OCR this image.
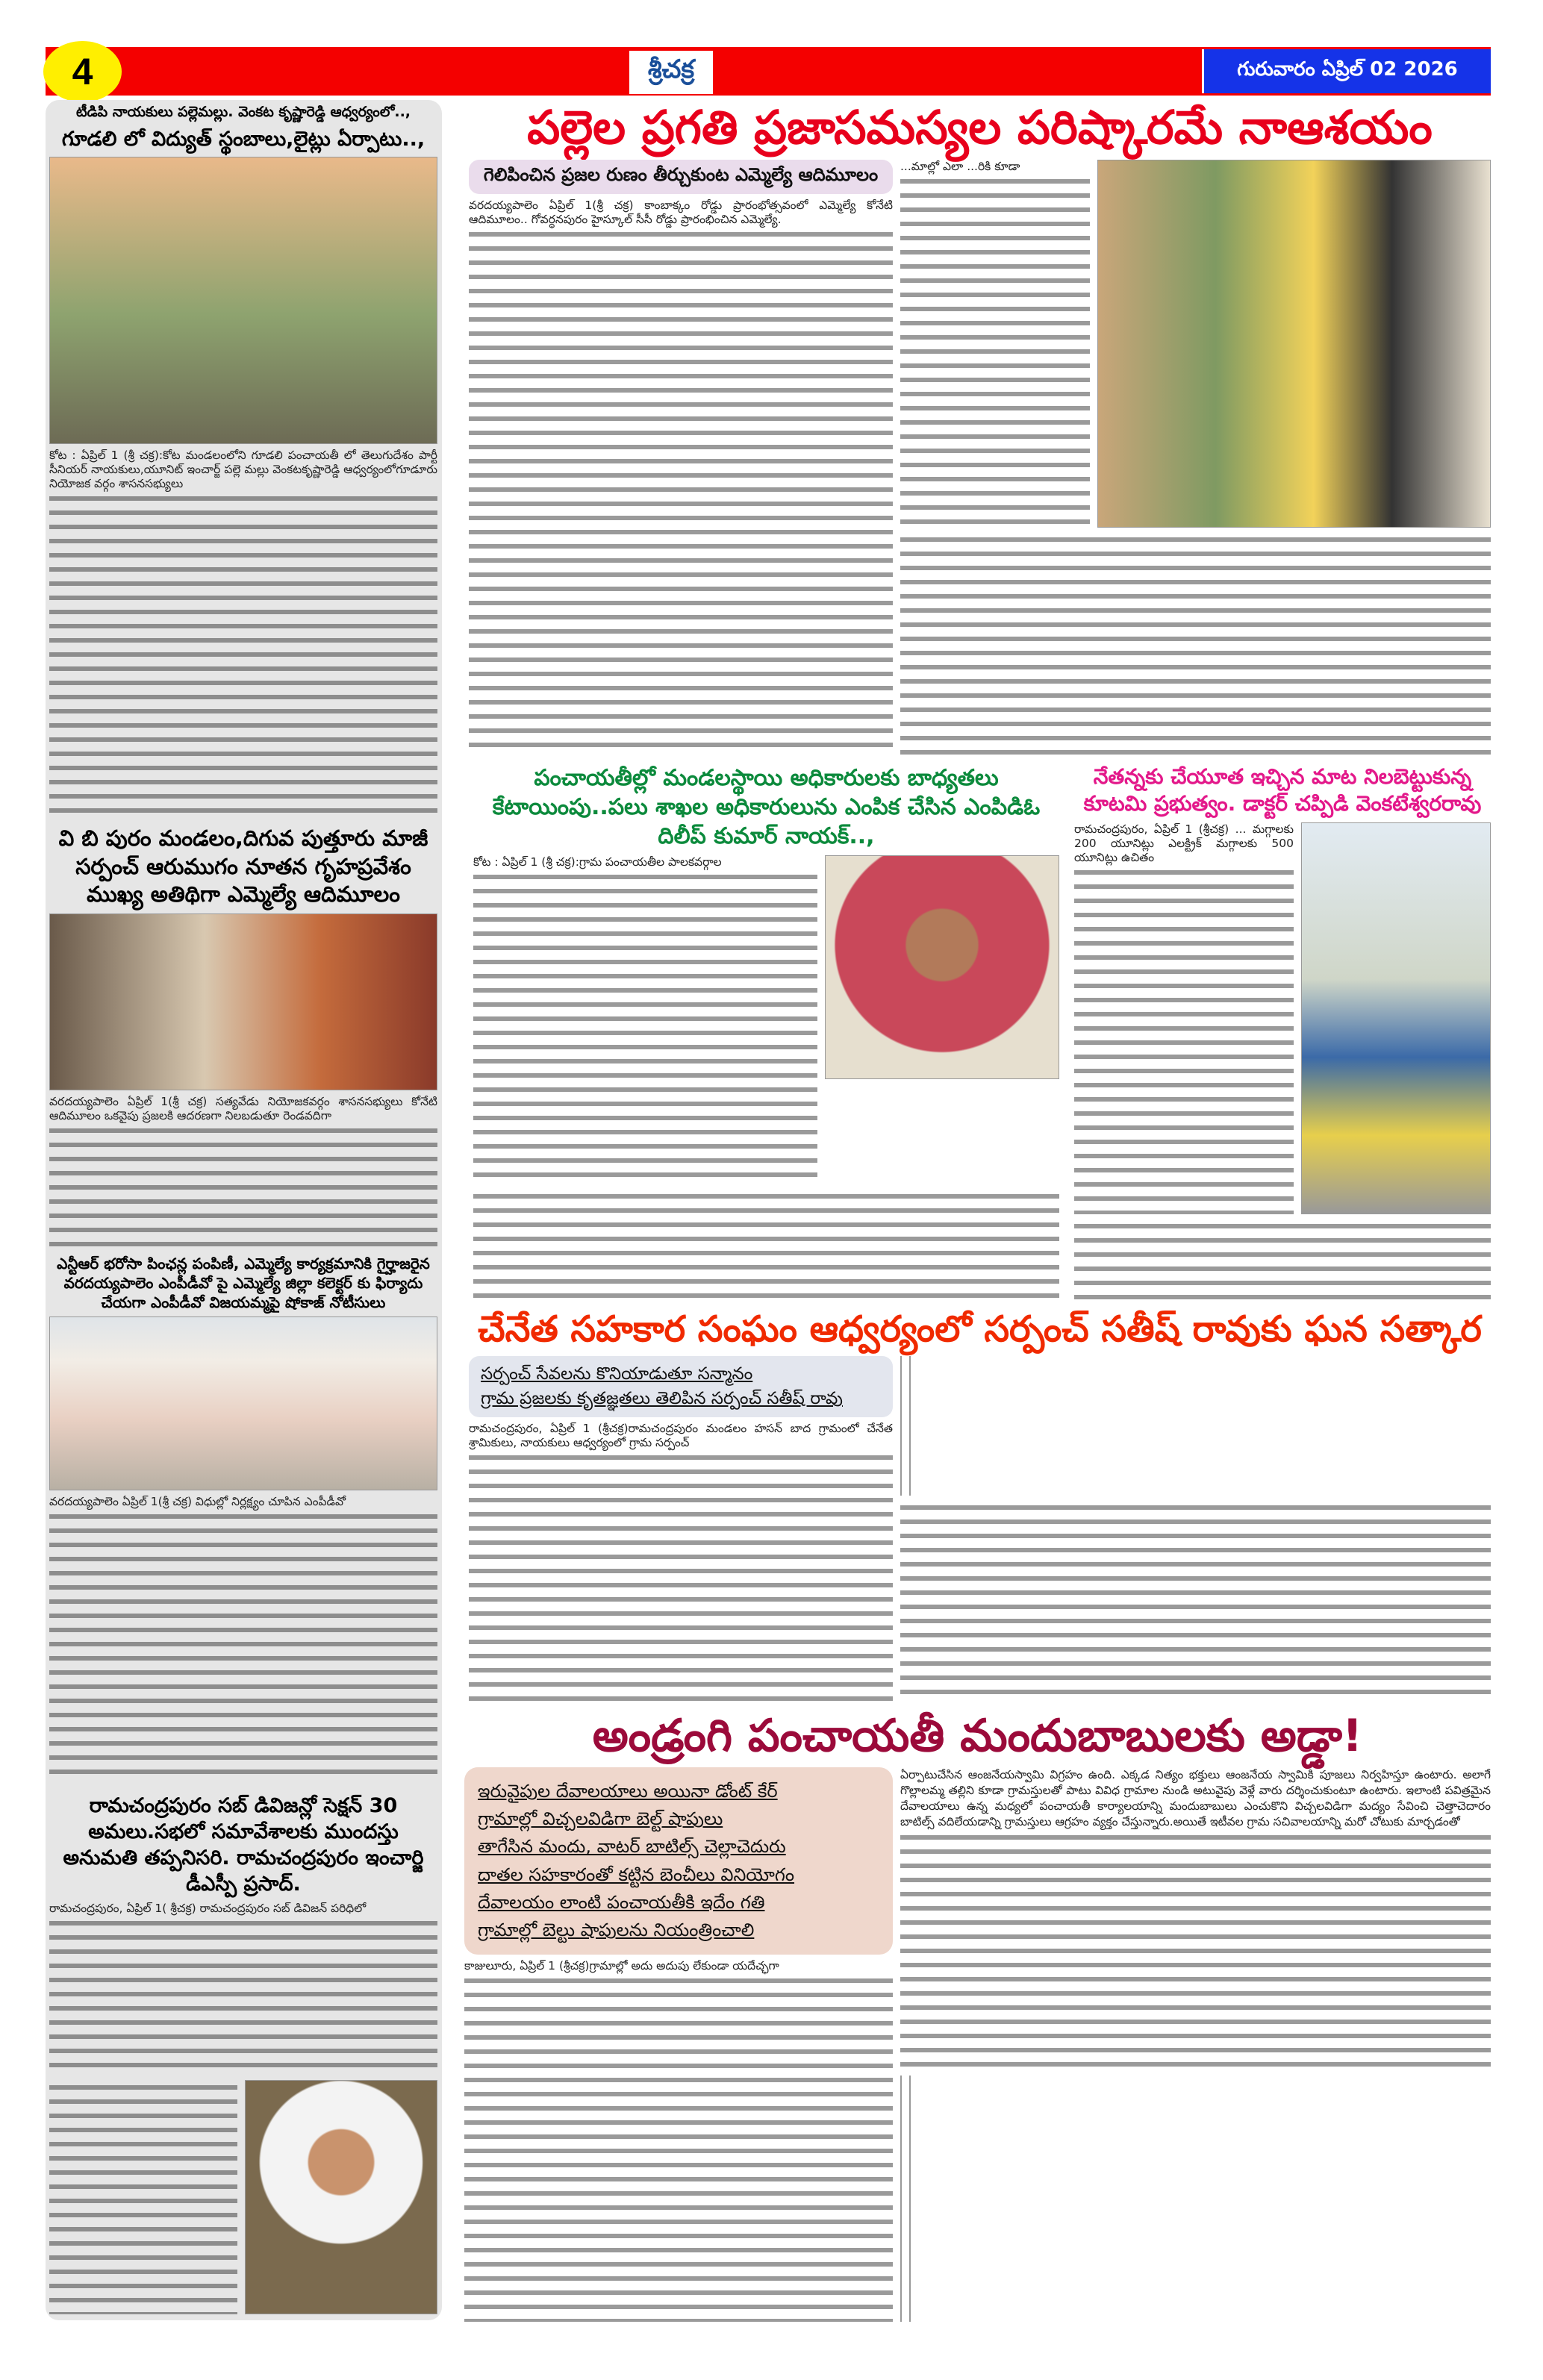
4	శ్రీచక్ర	గురువారం ఏప్రిల్ 02 2026
టీడిపి నాయకులు పల్లెమల్లు. వెంకట కృష్ణారెడ్డి ఆధ్వర్యంలో..,
గూడలి లో విద్యుత్ స్థంబాలు,లైట్లు ఏర్పాటు..,
కోట : ఏప్రిల్ 1 (శ్రీ చక్ర):కోట మండలంలోని గూడలి పంచాయతీ లో తెలుగుదేశం పార్టీ సీనియర్ నాయకులు,యూనిట్ ఇంచార్జ్ పల్లె మల్లు వెంకటకృష్ణారెడ్డి ఆధ్వర్యంలోగూడూరు నియోజక వర్గం శాసనసభ్యులు
వి బి పురం మండలం,దిగువ పుత్తూరు మాజీ సర్పంచ్ ఆరుముగం నూతన గృహప్రవేశం ముఖ్య అతిథిగా ఎమ్మెల్యే ఆదిమూలం
వరదయ్యపాలెం ఏప్రిల్ 1(శ్రీ చక్ర) సత్యవేడు నియోజకవర్గం శాసనసభ్యులు కోనేటి ఆదిమూలం ఒకవైపు ప్రజలకి ఆదరణగా నిలబడుతూ రెండవదిగా
ఎన్టీఆర్ భరోసా పింఛన్ల పంపిణీ, ఎమ్మెల్యే కార్యక్రమానికి గైర్హాజరైన వరదయ్యపాలెం ఎంపీడీవో పై ఎమ్మెల్యే జిల్లా కలెక్టర్ కు ఫిర్యాదు చేయగా ఎంపీడీవో విజయమ్మపై షోకాజ్ నోటీసులు
వరదయ్యపాలెం ఏప్రిల్ 1(శ్రీ చక్ర) విధుల్లో నిర్లక్ష్యం చూపిన ఎంపీడీవో
రామచంద్రపురం సబ్ డివిజన్లో సెక్షన్ 30 అమలు.సభలో సమావేశాలకు ముందస్తు అనుమతి తప్పనిసరి. రామచంద్రపురం ఇంచార్జి డీఎస్పీ ప్రసాద్.
రామచంద్రపురం, ఏప్రిల్ 1( శ్రీచక్ర) రామచంద్రపురం సబ్ డివిజన్ పరిధిలో
పల్లెల ప్రగతి ప్రజాసమస్యల పరిష్కారమే నాఆశయం
గెలిపించిన ప్రజల రుణం తీర్చుకుంట ఎమ్మెల్యే ఆదిమూలం
వరదయ్యపాలెం ఏప్రిల్ 1(శ్రీ చక్ర) కాంబాక్కం రోడ్డు ప్రారంభోత్సవంలో ఎమ్మెల్యే కోనేటి ఆదిమూలం.. గోవర్ధనపురం హైస్కూల్ సీసీ రోడ్డు ప్రారంభించిన ఎమ్మెల్యే.
...మాల్లో ఎలా ...రికి కూడా
పంచాయతీల్లో మండలస్థాయి అధికారులకు బాధ్యతలు కేటాయింపు..పలు శాఖల అధికారులును ఎంపిక చేసిన ఎంపిడిఓ దిలీప్ కుమార్ నాయక్..,
కోట : ఏప్రిల్ 1 (శ్రీ చక్ర):గ్రామ పంచాయతీల పాలకవర్గాల
నేతన్నకు చేయూత ఇచ్చిన మాట నిలబెట్టుకున్న కూటమి ప్రభుత్వం. డాక్టర్ చప్పిడి వెంకటేశ్వరరావు
రామచంద్రపురం, ఏప్రిల్ 1 (శ్రీచక్ర) ... మగ్గాలకు 200 యూనిట్లు ఎలక్ట్రిక్ మగ్గాలకు 500 యూనిట్లు ఉచితం
చేనేత సహకార సంఘం ఆధ్వర్యంలో సర్పంచ్ సతీష్ రావుకు ఘన సత్కార
సర్పంచ్ సేవలను కొనియాడుతూ సన్మానం
గ్రామ ప్రజలకు కృతజ్ఞతలు తెలిపిన సర్పంచ్ సతీష్ రావు
రామచంద్రపురం, ఏప్రిల్ 1 (శ్రీచక్ర)రామచంద్రపురం మండలం హసన్ బాద గ్రామంలో చేనేత శ్రామికులు, నాయకులు ఆధ్వర్యంలో గ్రామ సర్పంచ్
అండ్రంగి పంచాయతీ మందుబాబులకు అడ్డా!
ఇరువైపుల దేవాలయాలు అయినా డోంట్ కేర్
గ్రామాల్లో విచ్చలవిడిగా బెల్ట్ షాపులు
తాగేసిన మందు, వాటర్ బాటిల్స్ చెల్లాచెదురు
దాతల సహకారంతో కట్టిన బెంచీలు వినియోగం
దేవాలయం లాంటి పంచాయతీకి ఇదేం గతి
గ్రామాల్లో బెల్టు షాపులను నియంత్రించాలి
కాజులూరు, ఏప్రిల్ 1 (శ్రీచక్ర)గ్రామాల్లో అదు అదుపు లేకుండా యదేచ్ఛగా
ఏర్పాటుచేసిన ఆంజనేయస్వామి విగ్రహం ఉంది. ఎక్కడ నిత్యం భక్తులు ఆంజనేయ స్వామికి పూజలు నిర్వహిస్తూ ఉంటారు. అలాగే గొల్లాలమ్మ తల్లిని కూడా గ్రామస్తులతో పాటు వివిధ గ్రామాల నుండి అటువైపు వెళ్లే వారు దర్శించుకుంటూ ఉంటారు. ఇలాంటి పవిత్రమైన దేవాలయాలు ఉన్న మధ్యలో పంచాయతీ కార్యాలయాన్ని మందుబాబులు ఎంచుకొని విచ్చలవిడిగా మద్యం సేవించి చెత్తాచెదారం బాటిల్స్ వదిలేయడాన్ని గ్రామస్తులు ఆగ్రహం వ్యక్తం చేస్తున్నారు.అయితే ఇటీవల గ్రామ సచివాలయాన్ని మరో చోటుకు మార్చడంతో
